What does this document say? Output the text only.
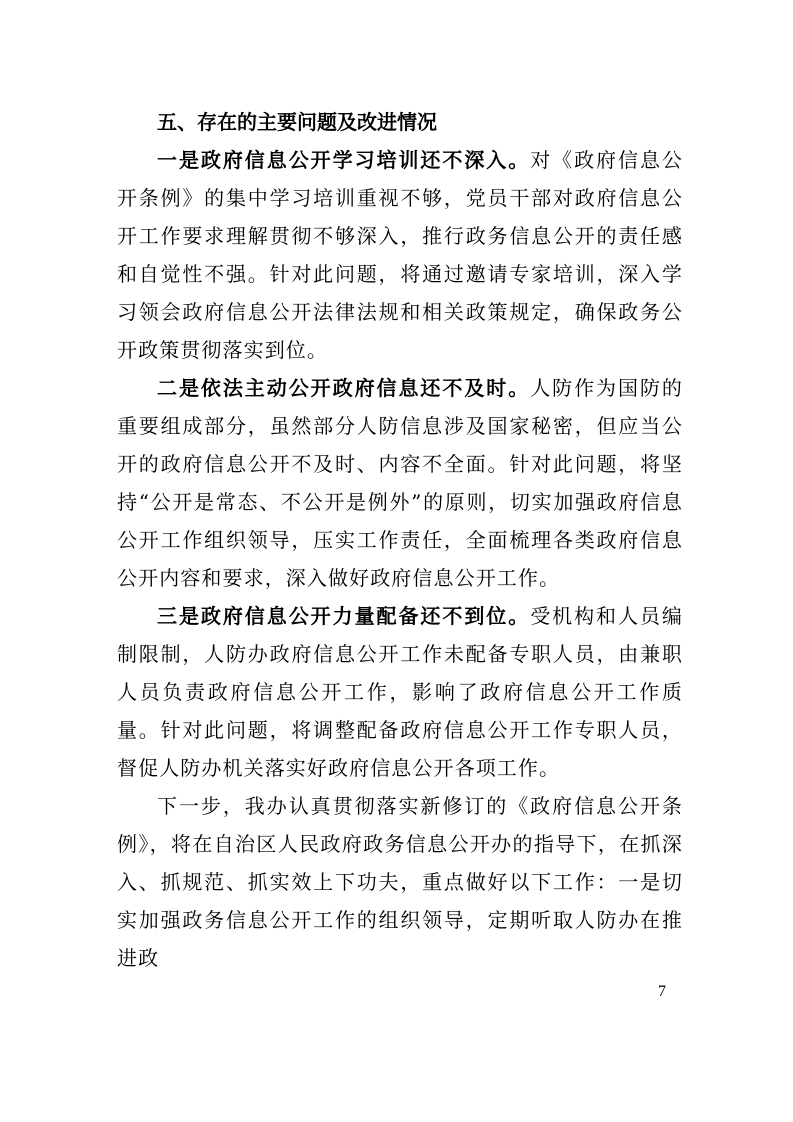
五、存在的主要问题及改进情况

一是政府信息公开学习培训还不深入。对《政府信息公开条例》的集中学习培训重视不够，党员干部对政府信息公开工作要求理解贯彻不够深入，推行政务信息公开的责任感和自觉性不强。针对此问题，将通过邀请专家培训，深入学习领会政府信息公开法律法规和相关政策规定，确保政务公开政策贯彻落实到位。

二是依法主动公开政府信息还不及时。人防作为国防的重要组成部分，虽然部分人防信息涉及国家秘密，但应当公开的政府信息公开不及时、内容不全面。针对此问题，将坚持“公开是常态、不公开是例外”的原则，切实加强政府信息公开工作组织领导，压实工作责任，全面梳理各类政府信息公开内容和要求，深入做好政府信息公开工作。

三是政府信息公开力量配备还不到位。受机构和人员编制限制，人防办政府信息公开工作未配备专职人员，由兼职人员负责政府信息公开工作，影响了政府信息公开工作质量。针对此问题，将调整配备政府信息公开工作专职人员，督促人防办机关落实好政府信息公开各项工作。

下一步，我办认真贯彻落实新修订的《政府信息公开条例》，将在自治区人民政府政务信息公开办的指导下，在抓深入、抓规范、抓实效上下功夫，重点做好以下工作：一是切实加强政务信息公开工作的组织领导，定期听取人防办在推进政

7
